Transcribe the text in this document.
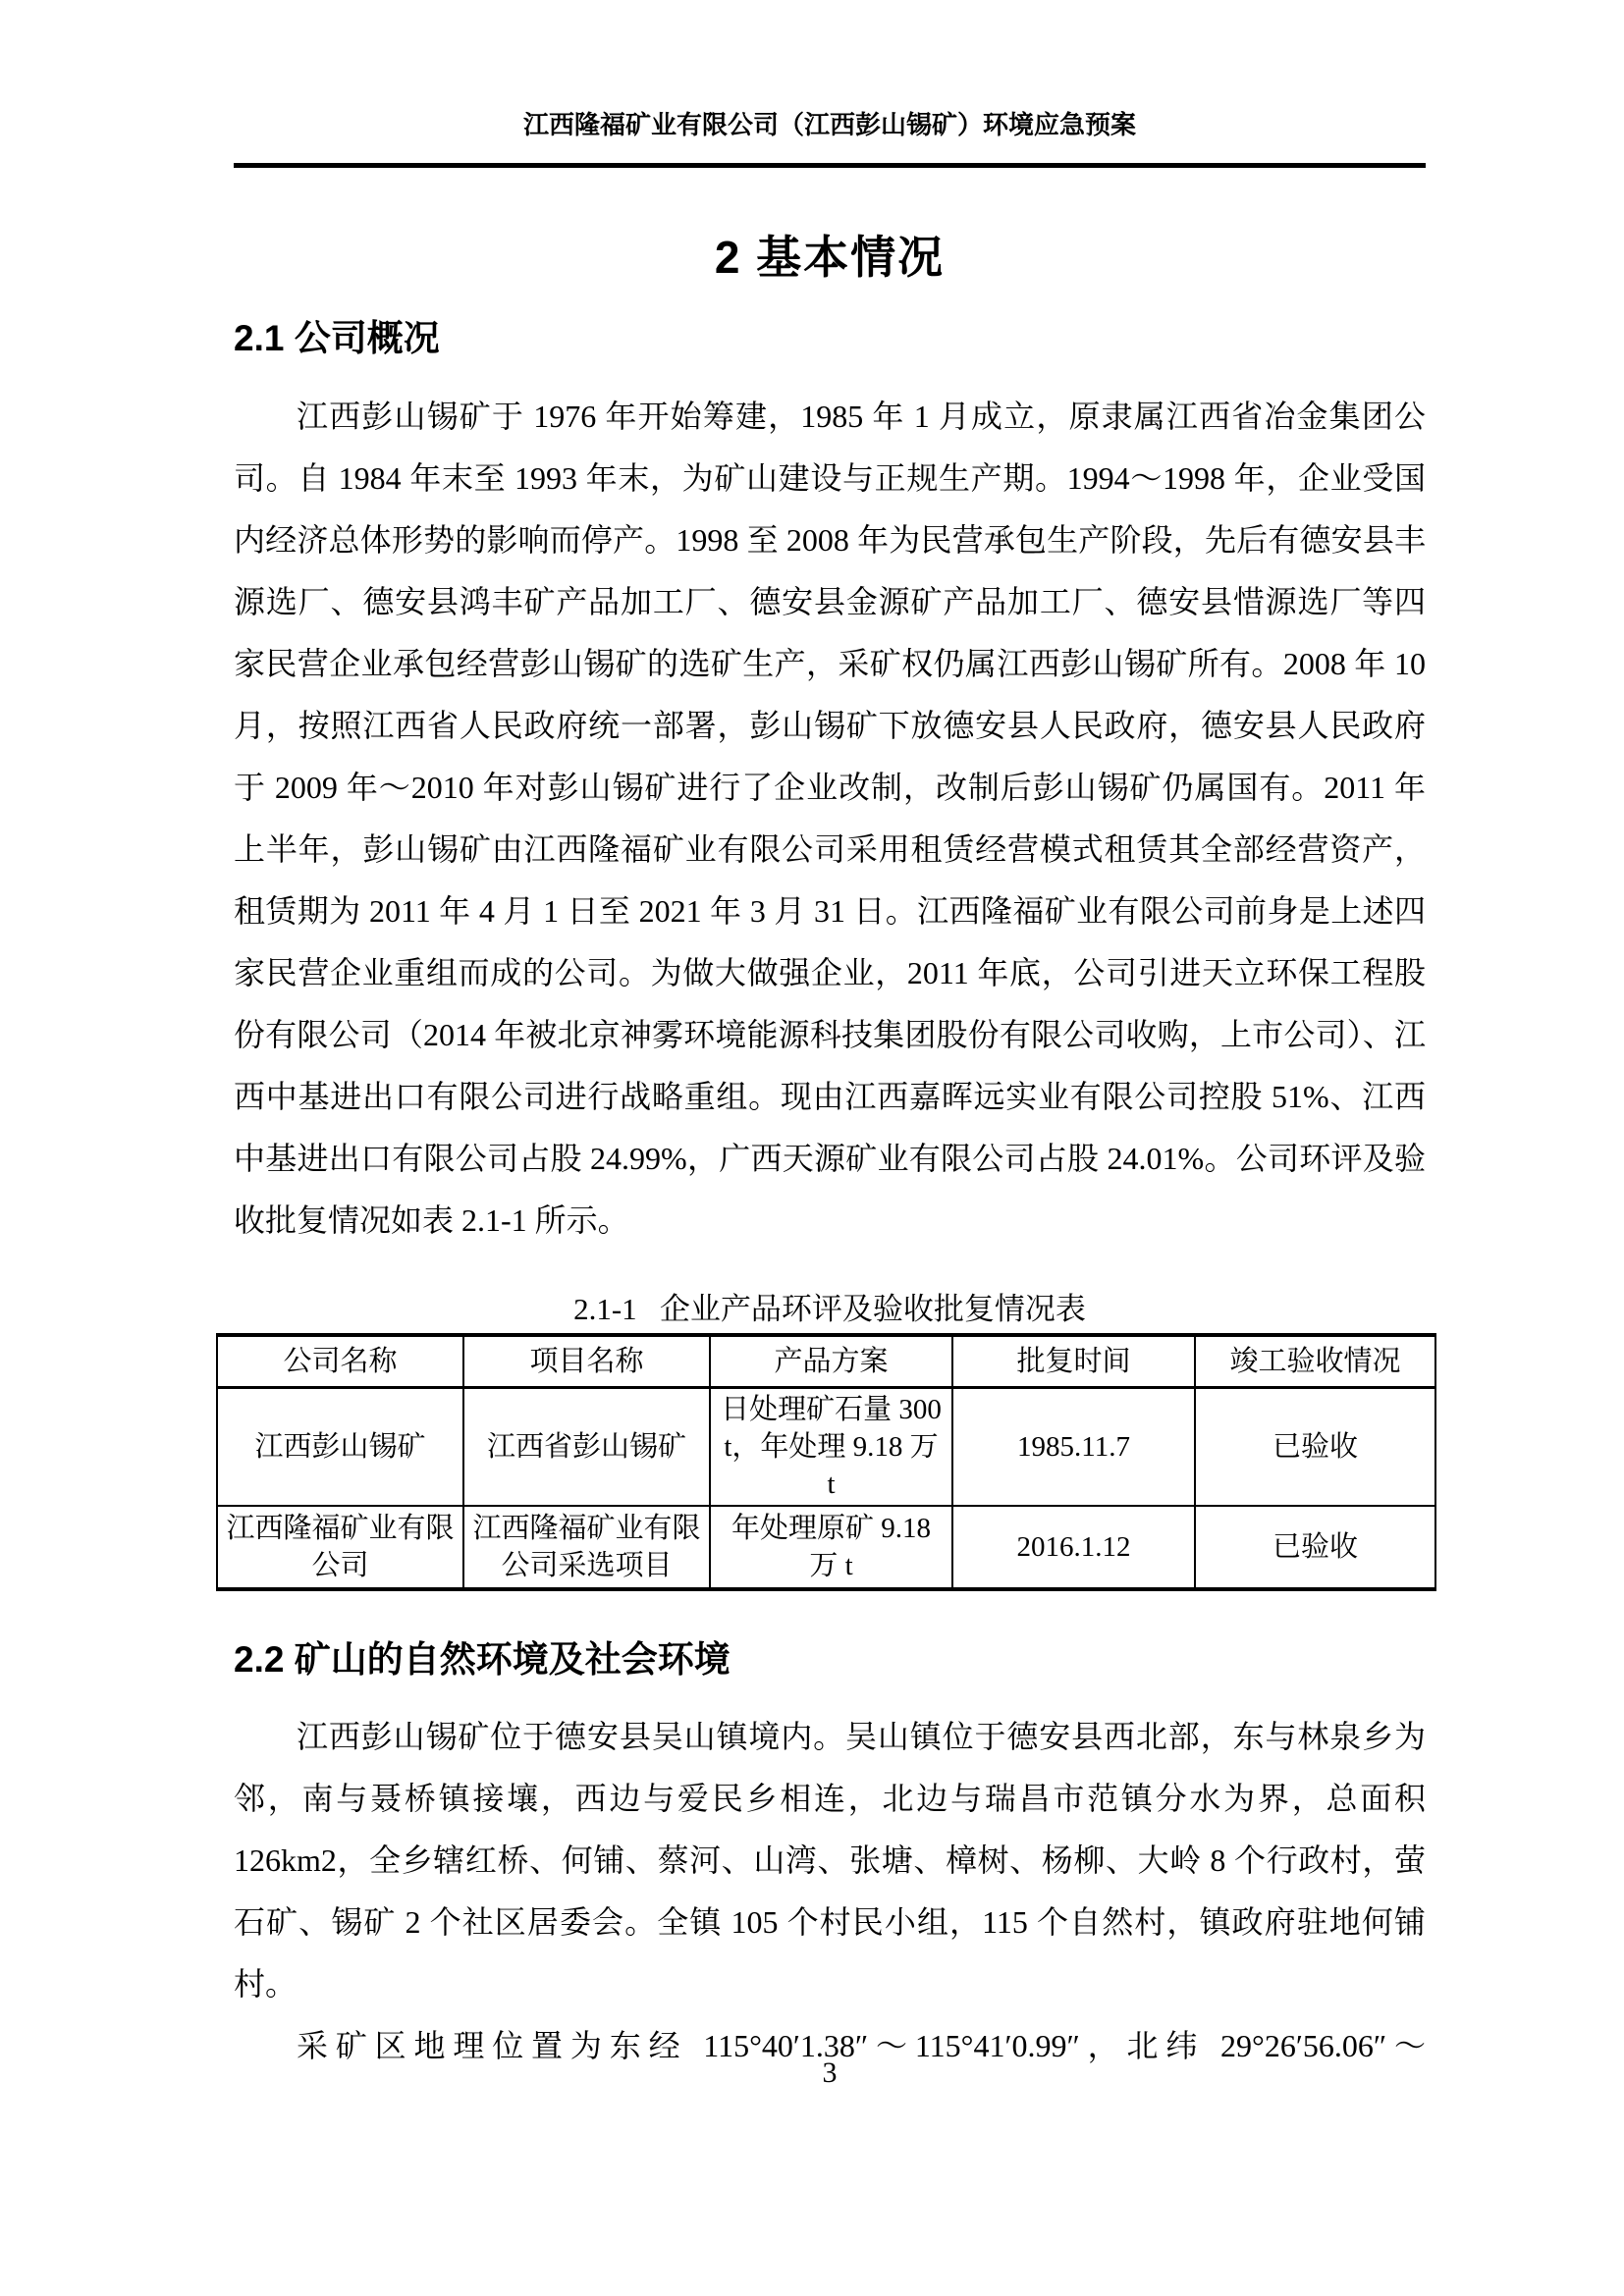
江西隆福矿业有限公司（江西彭山锡矿）环境应急预案
2 基本情况
2.1 公司概况

江西彭山锡矿于 1976 年开始筹建，1985 年 1 月成立，原隶属江西省冶金集团公司。自 1984 年末至 1993 年末，为矿山建设与正规生产期。1994～1998 年，企业受国内经济总体形势的影响而停产。1998 至 2008 年为民营承包生产阶段，先后有德安县丰源选厂、德安县鸿丰矿产品加工厂、德安县金源矿产品加工厂、德安县惜源选厂等四家民营企业承包经营彭山锡矿的选矿生产，采矿权仍属江西彭山锡矿所有。2008 年 10 月，按照江西省人民政府统一部署，彭山锡矿下放德安县人民政府，德安县人民政府于 2009 年～2010 年对彭山锡矿进行了企业改制，改制后彭山锡矿仍属国有。2011 年上半年，彭山锡矿由江西隆福矿业有限公司采用租赁经营模式租赁其全部经营资产，租赁期为 2011 年 4 月 1 日至 2021 年 3 月 31 日。江西隆福矿业有限公司前身是上述四家民营企业重组而成的公司。为做大做强企业，2011 年底，公司引进天立环保工程股份有限公司（2014 年被北京神雾环境能源科技集团股份有限公司收购，上市公司）、江西中基进出口有限公司进行战略重组。现由江西嘉晖远实业有限公司控股 51%、江西中基进出口有限公司占股 24.99%，广西天源矿业有限公司占股 24.01%。公司环评及验收批复情况如表 2.1-1 所示。

2.1-1   企业产品环评及验收批复情况表
公司名称	项目名称	产品方案	批复时间	竣工验收情况
江西彭山锡矿	江西省彭山锡矿	日处理矿石量 300t，年处理 9.18 万 t	1985.11.7	已验收
江西隆福矿业有限公司	江西隆福矿业有限公司采选项目	年处理原矿 9.18 万 t	2016.1.12	已验收
2.2 矿山的自然环境及社会环境

江西彭山锡矿位于德安县吴山镇境内。吴山镇位于德安县西北部，东与林泉乡为邻，南与聂桥镇接壤，西边与爱民乡相连，北边与瑞昌市范镇分水为界，总面积126km2，全乡辖红桥、何铺、蔡河、山湾、张塘、樟树、杨柳、大岭 8 个行政村，萤石矿、锡矿 2 个社区居委会。全镇 105 个村民小组，115 个自然村，镇政府驻地何铺村。

采矿区地理位置为东经 115°40′1.38″～115°41′0.99″，北纬 29°26′56.06″～

3
